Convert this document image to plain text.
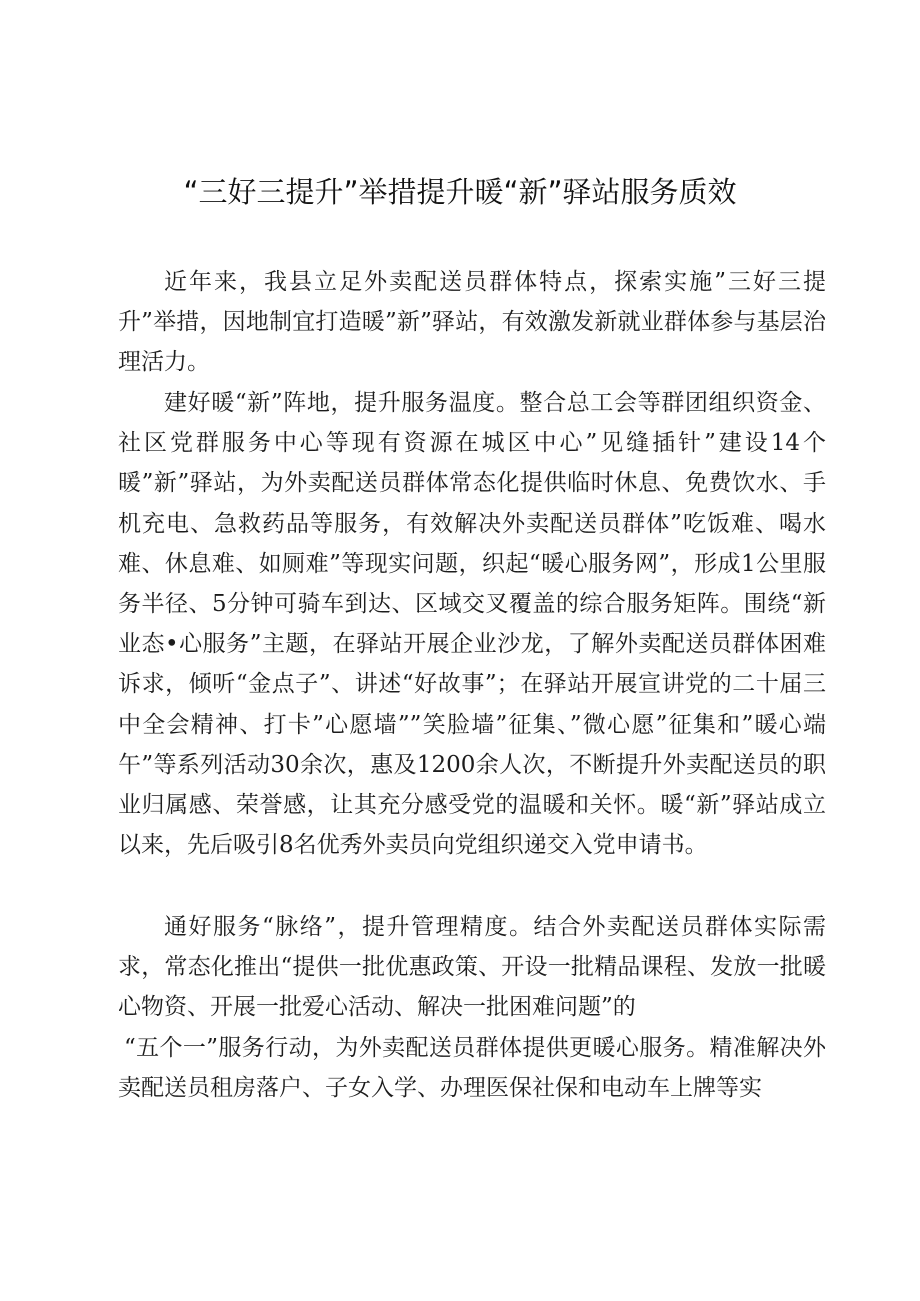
“三好三提升”举措提升暖“新”驿站服务质效
近年来，我县立足外卖配送员群体特点，探索实施”三好三提升”举措，因地制宜打造暖”新”驿站，有效激发新就业群体参与基层治理活力。
建好暖“新”阵地，提升服务温度。整合总工会等群团组织资金、社区党群服务中心等现有资源在城区中心”见缝插针”建设14个暖”新”驿站，为外卖配送员群体常态化提供临时休息、免费饮水、手机充电、急救药品等服务，有效解决外卖配送员群体”吃饭难、喝水难、休息难、如厕难”等现实问题，织起“暖心服务网”，形成1公里服务半径、5分钟可骑车到达、区域交叉覆盖的综合服务矩阵。围绕“新业态•心服务”主题，在驿站开展企业沙龙，了解外卖配送员群体困难诉求，倾听“金点子”、讲述“好故事”；在驿站开展宣讲党的二十届三中全会精神、打卡”心愿墙””笑脸墙”征集、”微心愿”征集和”暖心端午”等系列活动30余次，惠及1200余人次，不断提升外卖配送员的职业归属感、荣誉感，让其充分感受党的温暖和关怀。暖“新”驿站成立以来，先后吸引8名优秀外卖员向党组织递交入党申请书。
通好服务“脉络”，提升管理精度。结合外卖配送员群体实际需求，常态化推出“提供一批优惠政策、开设一批精品课程、发放一批暖心物资、开展一批爱心活动、解决一批困难问题”的
“五个一”服务行动，为外卖配送员群体提供更暖心服务。精准解决外卖配送员租房落户、子女入学、办理医保社保和电动车上牌等实
